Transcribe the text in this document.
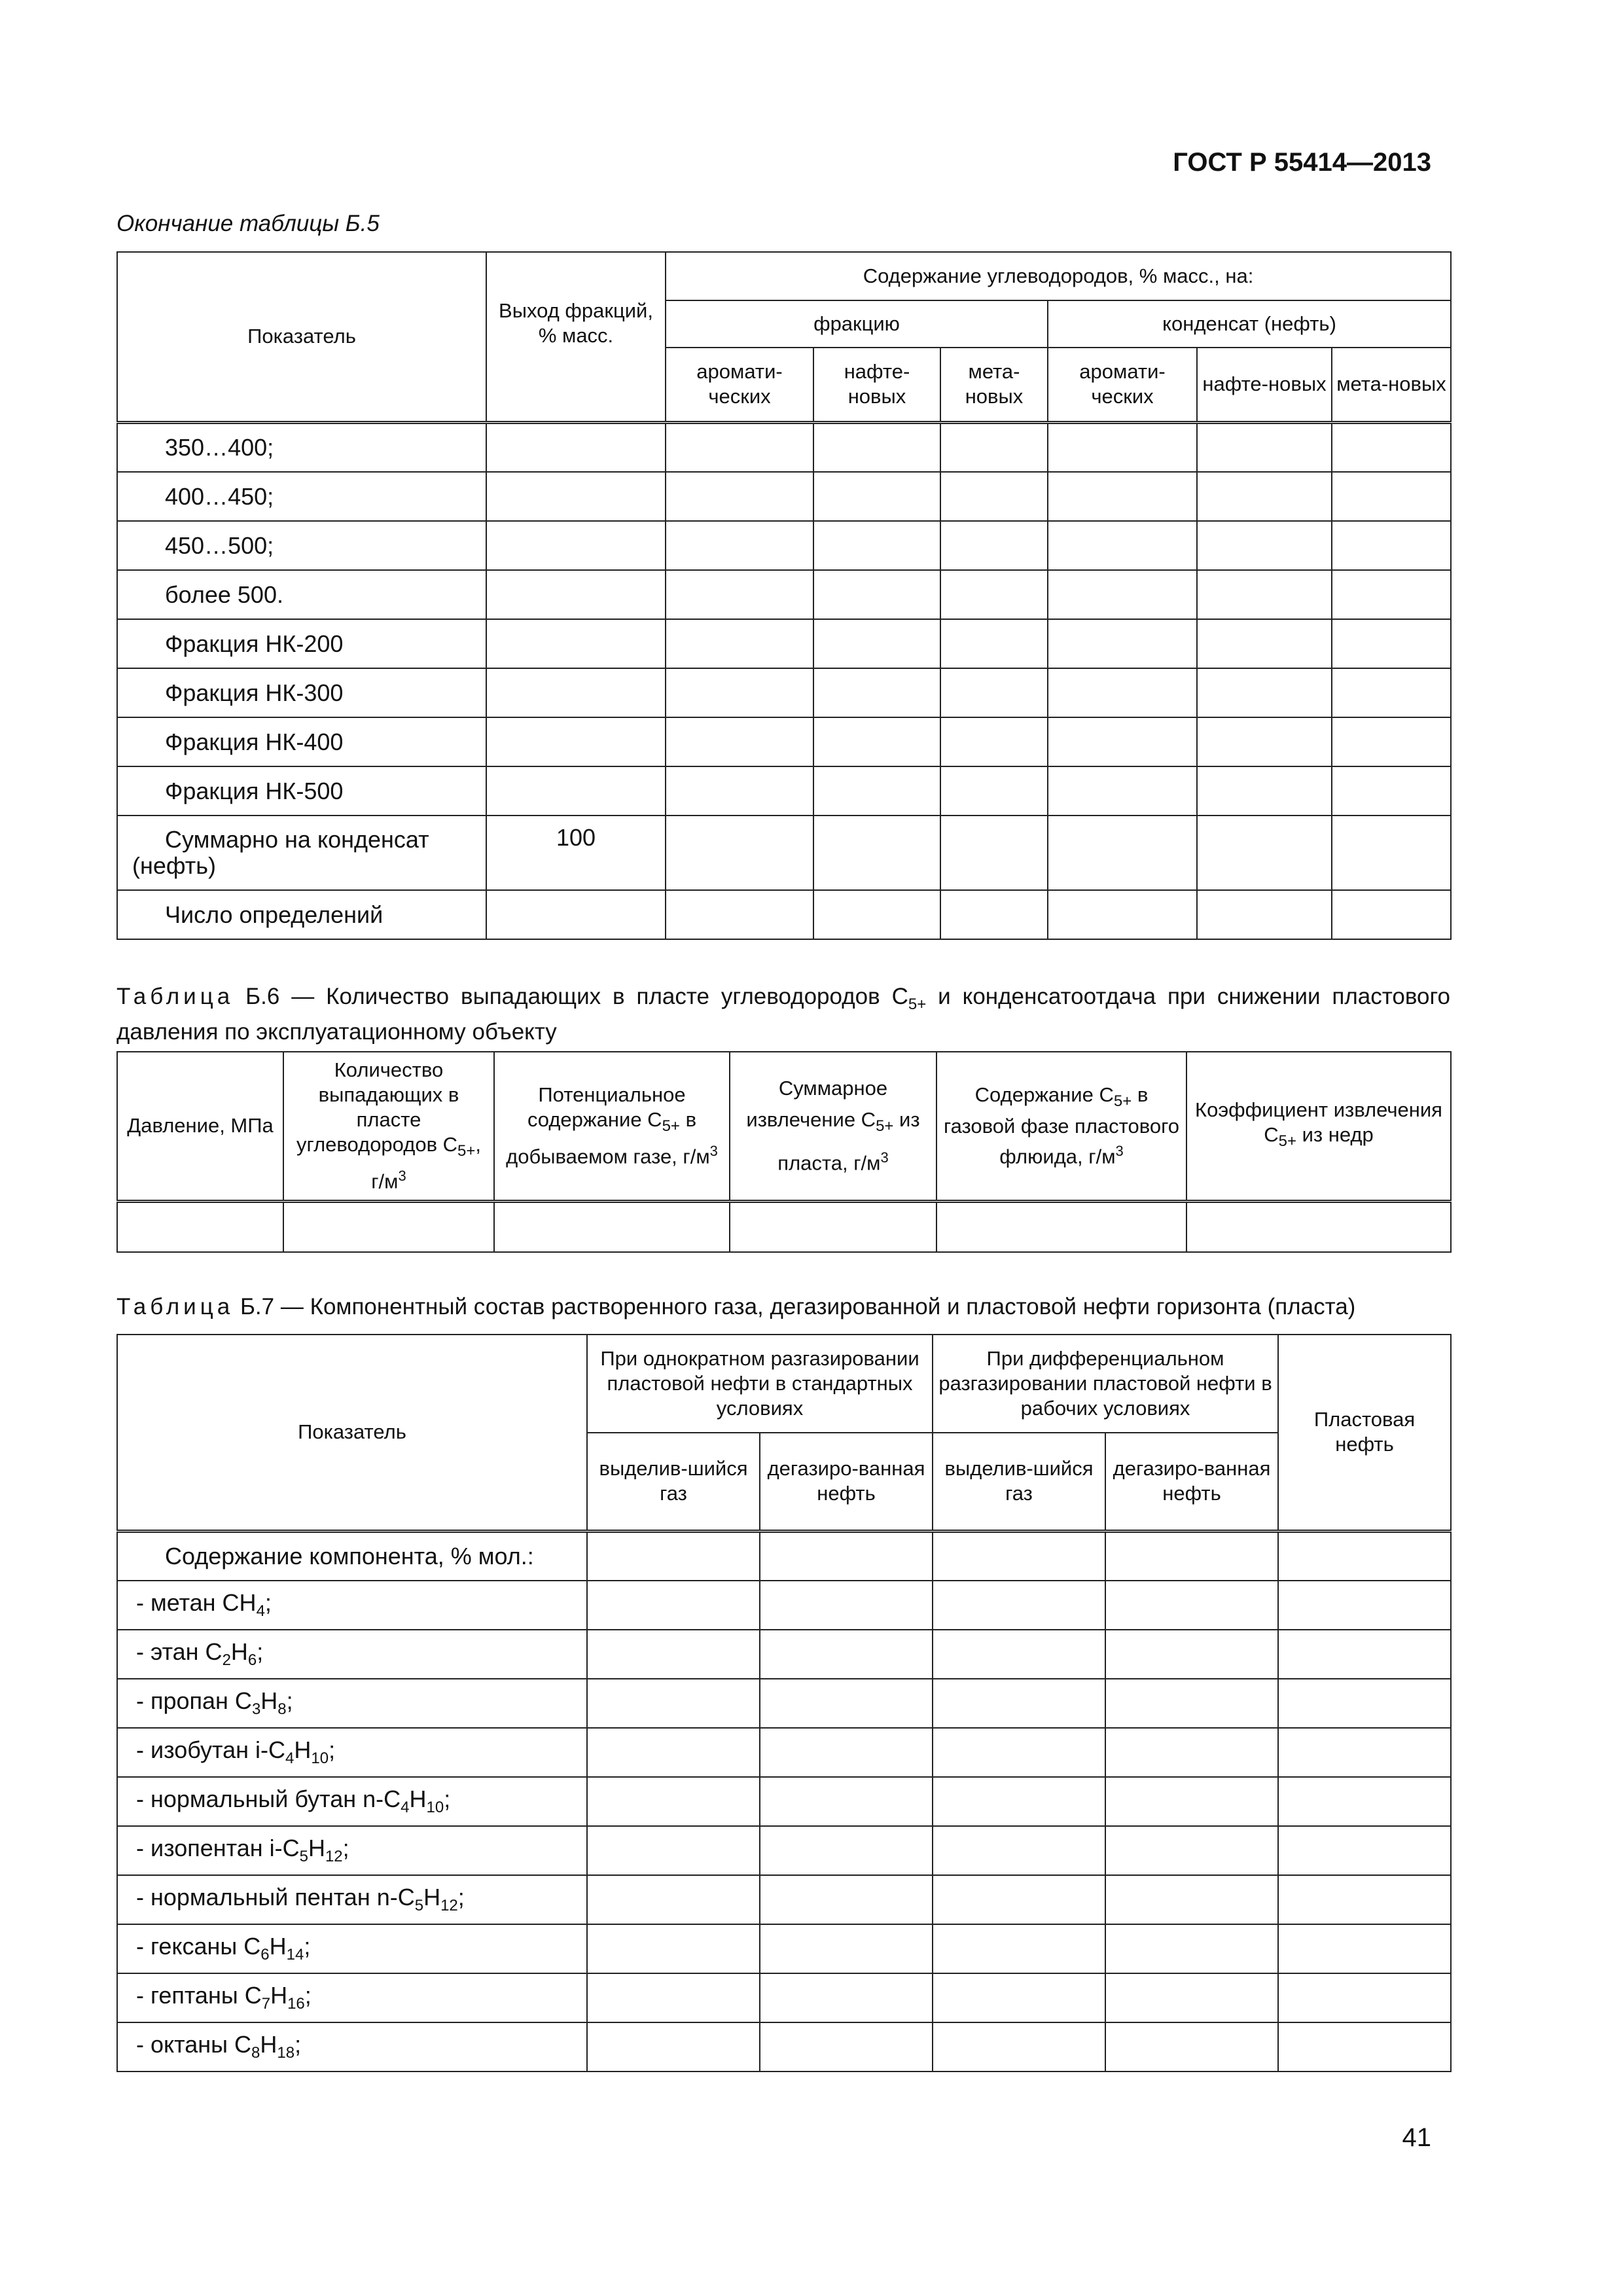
ГОСТ Р 55414—2013
Окончание таблицы Б.5
Показатель	Выход фракций, % масс.	Содержание углеводородов, % масс., на:					
		фракцию			конденсат (нефть)		
		аромати-ческих	нафте-новых	мета-новых	аромати-ческих	нафте-новых	мета-новых
350…400;							
400…450;							
450…500;							
более 500.							
Фракция НК-200							
Фракция НК-300							
Фракция НК-400							
Фракция НК-500							
Суммарно на конденсат (нефть)	100						
Число определений							
Таблица Б.6 — Количество выпадающих в пласте углеводородов $С_{5+}$ и конденсатоотдача при снижении пластового давления по эксплуатационному объекту
Давление, МПа	Количество выпадающих в пласте углеводородов $С_{5+}$, $г/м^3$	Потенциальное содержание $С_{5+}$ в добываемом газе, $г/м^3$	Суммарное извлечение $С_{5+}$ из пласта, $г/м^3$	Содержание $С_{5+}$ в газовой фазе пластового флюида, $г/м^3$	Коэффициент извлечения $С_{5+}$ из недр

Таблица Б.7 — Компонентный состав растворенного газа, дегазированной и пластовой нефти горизонта (пласта)
Показатель	При однократном разгазировании пластовой нефти в стандартных условиях		При дифференциальном разгазировании пластовой нефти в рабочих условиях		Пластовая нефть
	выделив-шийся газ	дегазиро-ванная нефть	выделив-шийся газ	дегазиро-ванная нефть	
Содержание компонента, % мол.:					
- метан $СН_4$;					
- этан $С_2Н_6$;					
- пропан $С_3Н_8$;					
- изобутан $i-С_4Н_{10}$;					
- нормальный бутан $n-С_4Н_{10}$;					
- изопентан $i-С_5Н_{12}$;					
- нормальный пентан $n-С_5Н_{12}$;					
- гексаны $С_6Н_{14}$;					
- гептаны $С_7Н_{16}$;					
- октаны $С_8Н_{18}$;					
41
